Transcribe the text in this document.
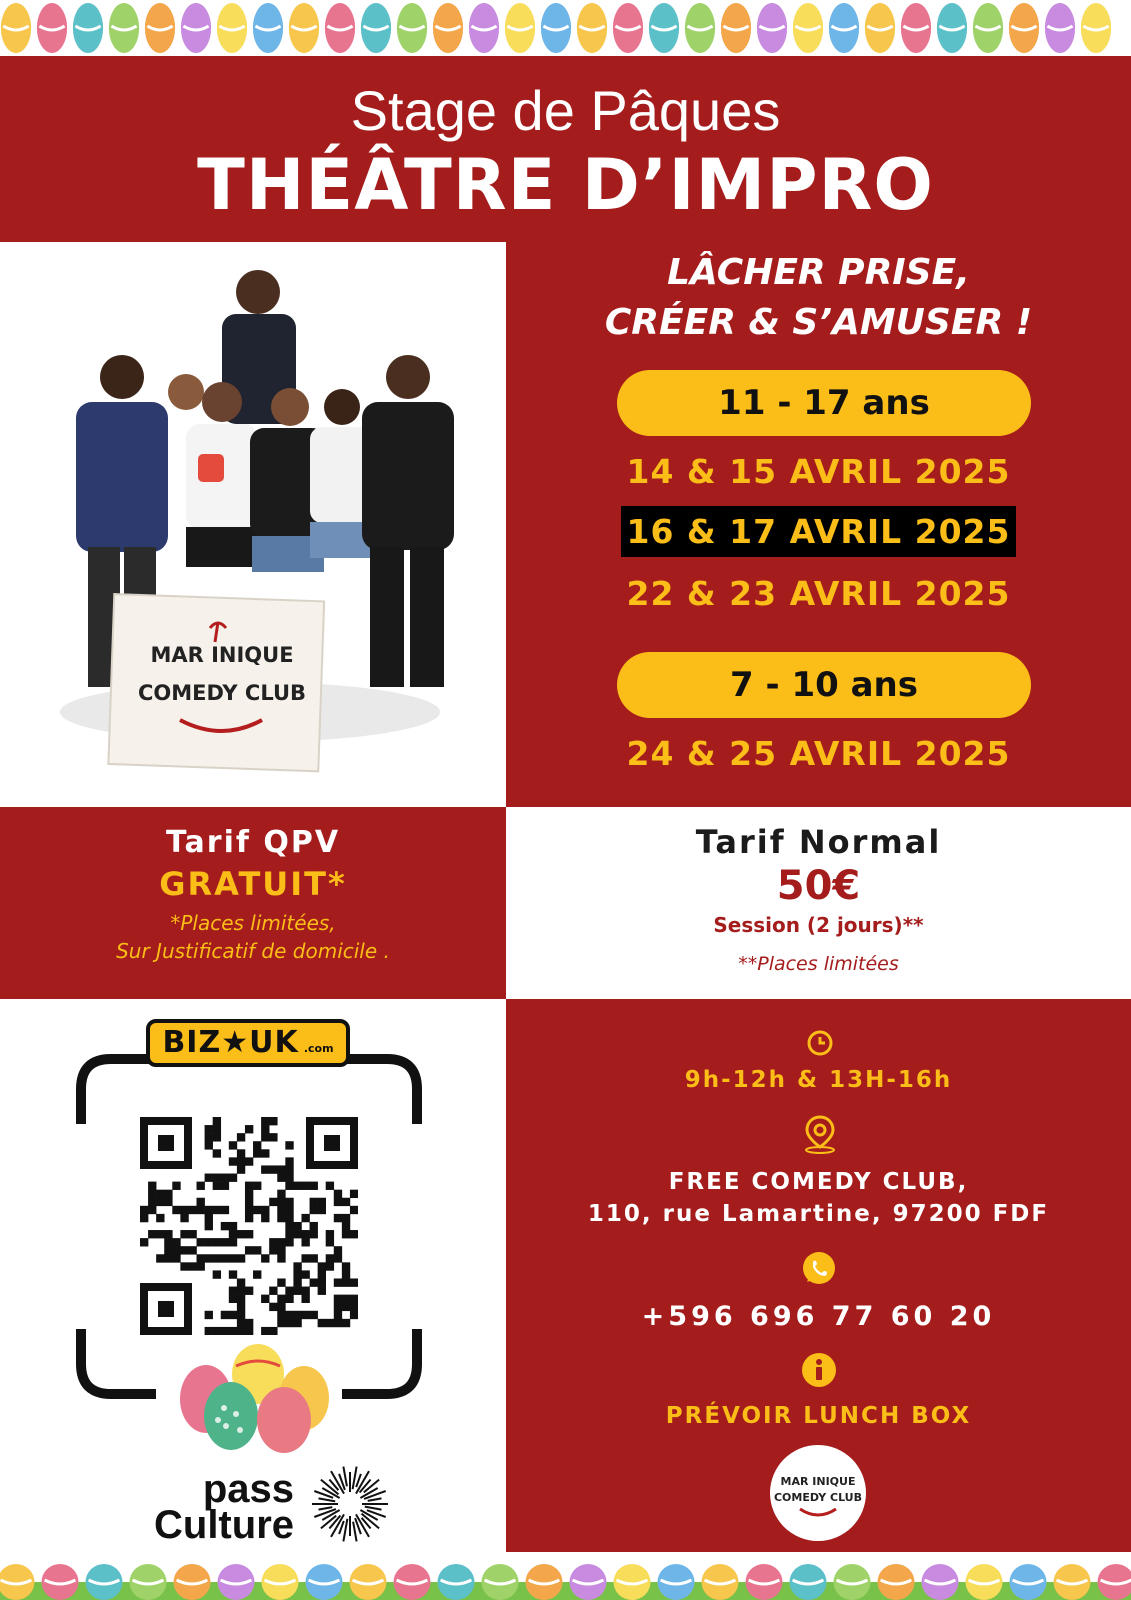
Stage de Pâques
THÉÂTRE D’IMPRO
MAR INIQUE
COMEDY CLUB
LÂCHER PRISE,
CRÉER & S’AMUSER !
11 - 17 ans
14 & 15 AVRIL 2025
16 & 17 AVRIL 2025
22 & 23 AVRIL 2025
7 - 10 ans
24 & 25 AVRIL 2025
Tarif QPV
GRATUIT*
*Places limitées,
Sur Justificatif de domicile .
Tarif Normal
50€
Session (2 jours)**
**Places limitées
BIZ★UK .com
pass
Culture
9h-12h & 13H-16h
FREE COMEDY CLUB,
110, rue Lamartine, 97200 FDF
+596 696 77 60 20
PRÉVOIR LUNCH BOX
MAR INIQUE
COMEDY CLUB
